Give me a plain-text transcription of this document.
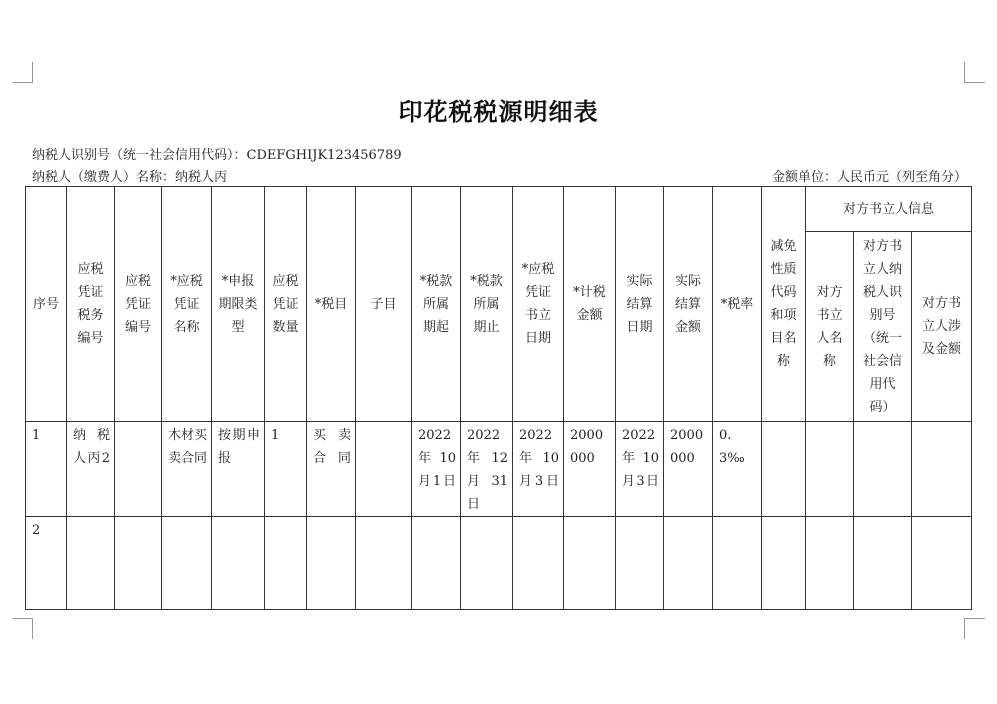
印花税税源明细表
纳税人识别号（统一社会信用代码）：CDEFGHIJK123456789
纳税人（缴费人）名称：纳税人丙	金额单位：人民币元（列至角分）
序号	应税凭证税务编号	应税凭证编号	*应税凭证名称	*申报期限类型	应税凭证数量	*税目	子目	*税款所属期起	*税款所属期止	*应税凭证书立日期	*计税金额	实际结算日期	实际结算金额	*税率	减免性质代码和项目名称	对方书立人信息		

																对方书立人名称	对方书立人纳税人识别号（统一社会信用代码）	对方书立人涉及金额

1	纳税人丙2		木材买卖合同	按期申报	1	买卖合同		2022年10月1日	2022年12月31日	2022年10月3日	2000000	2022年10月3日	2000000	0.3‰				

2																		
